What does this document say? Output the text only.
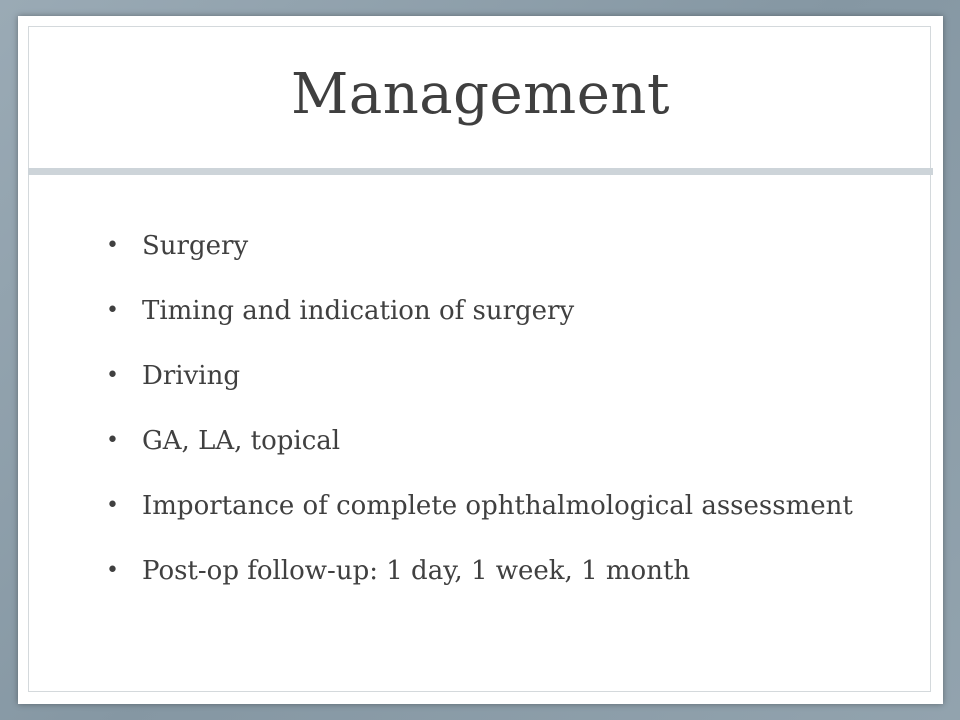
Management
• Surgery
• Timing and indication of surgery
• Driving
• GA, LA, topical
• Importance of complete ophthalmological assessment
• Post-op follow-up: 1 day, 1 week, 1 month
